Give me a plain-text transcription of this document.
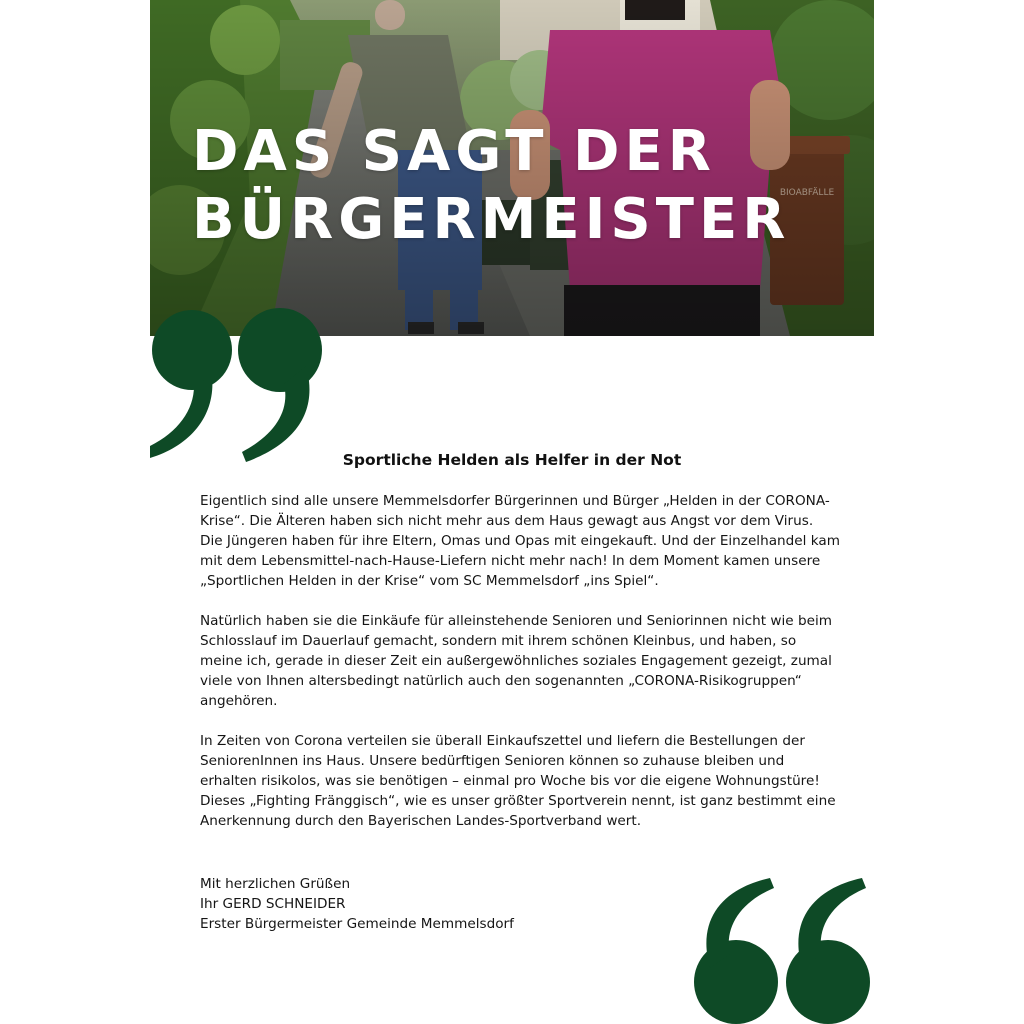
DAS SAGT DER
BÜRGERMEISTER
Sportliche Helden als Helfer in der Not

Eigentlich sind alle unsere Memmelsdorfer Bürgerinnen und Bürger „Helden in der CORONA-Krise“. Die Älteren haben sich nicht mehr aus dem Haus gewagt aus Angst vor dem Virus. Die Jüngeren haben für ihre Eltern, Omas und Opas mit eingekauft. Und der Einzelhandel kam mit dem Lebensmittel-nach-Hause-Liefern nicht mehr nach! In dem Moment kamen unsere „Sportlichen Helden in der Krise“ vom SC Memmelsdorf „ins Spiel“.

Natürlich haben sie die Einkäufe für alleinstehende Senioren und Seniorinnen nicht wie beim Schlosslauf im Dauerlauf gemacht, sondern mit ihrem schönen Kleinbus, und haben, so meine ich, gerade in dieser Zeit ein außergewöhnliches soziales Engagement gezeigt, zumal viele von Ihnen altersbedingt natürlich auch den sogenannten „CORONA-Risikogruppen“ angehören.

In Zeiten von Corona verteilen sie überall Einkaufszettel und liefern die Bestellungen der SeniorenInnen ins Haus. Unsere bedürftigen Senioren können so zuhause bleiben und erhalten risikolos, was sie benötigen – einmal pro Woche bis vor die eigene Wohnungstüre! Dieses „Fighting Fränggisch“, wie es unser größter Sportverein nennt, ist ganz bestimmt eine Anerkennung durch den Bayerischen Landes-Sportverband wert.

Mit herzlichen Grüßen
Ihr GERD SCHNEIDER
Erster Bürgermeister Gemeinde Memmelsdorf
